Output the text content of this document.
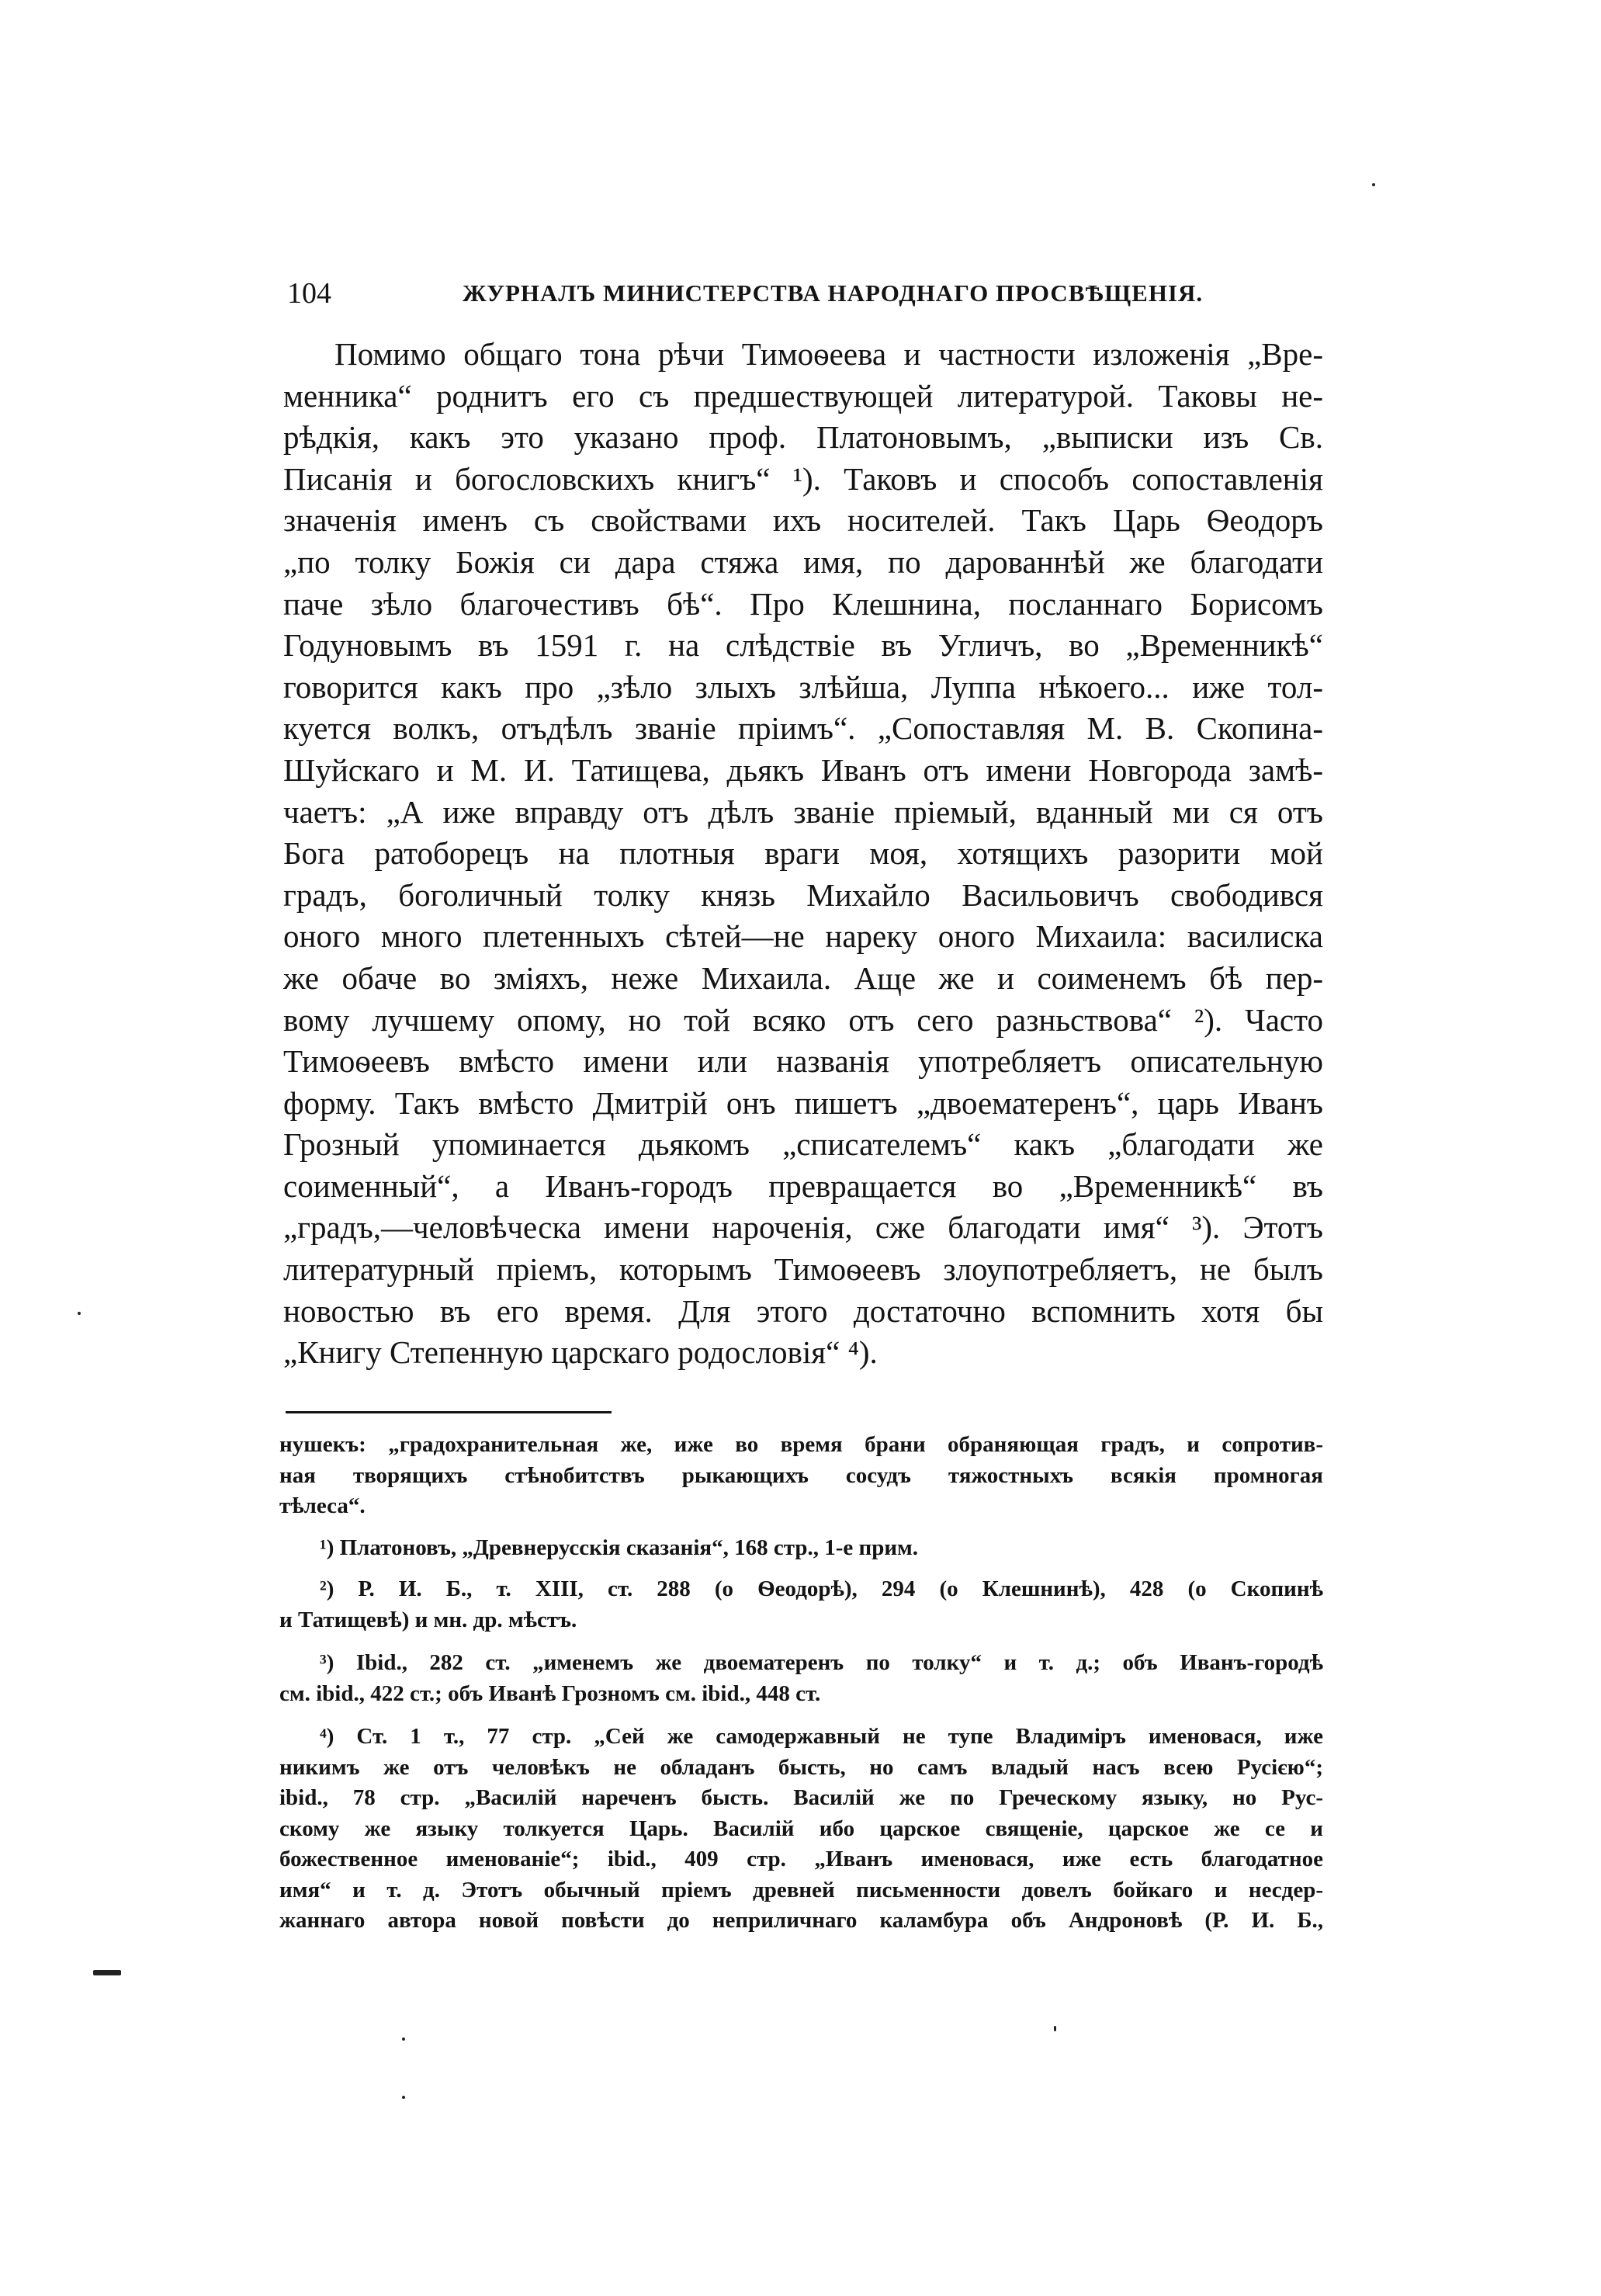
104	ЖУРНАЛЪ МИНИСТЕРСТВА НАРОДНАГО ПРОСВѢЩЕНІЯ.
Помимо общаго тона рѣчи Тимоѳеева и частности изложенія „Вре-
менника“ роднитъ его съ предшествующей литературой. Таковы не-
рѣдкія, какъ это указано проф. Платоновымъ, „выписки изъ Св.
Писанія и богословскихъ книгъ“ ¹). Таковъ и способъ сопоставленія
значенія именъ съ свойствами ихъ носителей. Такъ Царь Ѳеодоръ
„по толку Божія си дара стяжа имя, по дарованнѣй же благодати
паче зѣло благочестивъ бѣ“. Про Клешнина, посланнаго Борисомъ
Годуновымъ въ 1591 г. на слѣдствіе въ Угличъ, во „Временникѣ“
говорится какъ про „зѣло злыхъ злѣйша, Луппа нѣкоего... иже тол-
куется волкъ, отъдѣлъ званіе пріимъ“. „Сопоставляя М. В. Скопина-
Шуйскаго и М. И. Татищева, дьякъ Иванъ отъ имени Новгорода замѣ-
чаетъ: „А иже вправду отъ дѣлъ званіе пріемый, вданный ми ся отъ
Бога ратоборецъ на плотныя враги моя, хотящихъ разорити мой
градъ, боголичный толку князь Михайло Васильовичъ свободився
оного много плетенныхъ сѣтей—не нареку оного Михаила: василиска
же обаче во зміяхъ, нежe Михаила. Аще же и соименемъ бѣ пер-
вому лучшему опому, но той всяко отъ сего разньствова“ ²). Часто
Тимоѳеевъ вмѣсто имени или названія употребляетъ описательную
форму. Такъ вмѣсто Дмитрій онъ пишетъ „двоематеренъ“, царь Иванъ
Грозный упоминается дьякомъ „списателемъ“ какъ „благодати же
соименный“, а Иванъ-городъ превращается во „Временникѣ“ въ
„градъ,—человѣческа имени нароченія, сже благодати имя“ ³). Этотъ
литературный пріемъ, которымъ Тимоѳеевъ злоупотребляетъ, не былъ
новостью въ его время. Для этого достаточно вспомнить хотя бы
„Книгу Степенную царскаго родословія“ ⁴).
нушекъ: „градохранительная же, иже во время брани обраняющая градъ, и сопротив-
ная творящихъ стѣнобитствъ рыкающихъ сосудъ тяжостныхъ всякія промногая
тѣлеса“.
¹) Платоновъ, „Древнерусскія сказанія“, 168 стр., 1-е прим.
²) Р. И. Б., т. XIII, ст. 288 (о Ѳеодорѣ), 294 (о Клешнинѣ), 428 (о Скопинѣ
и Татищевѣ) и мн. др. мѣстъ.
³) Ibid., 282 ст. „именемъ же двоематеренъ по толку“ и т. д.; объ Иванъ-городѣ
см. ibid., 422 ст.; объ Иванѣ Грозномъ см. ibid., 448 ст.
⁴) Ст. 1 т., 77 стр. „Сей же самодержавный не тупе Владиміръ именовася, иже
никимъ же отъ человѣкъ не обладанъ бысть, но самъ владый насъ всею Русією“;
ibid., 78 стр. „Василій нареченъ бысть. Василій же по Греческому языку, но Рус-
скому же языку толкуется Царь. Василій ибо царское священіе, царское же се и
божественное именованіе“; ibid., 409 стр. „Иванъ именовася, иже есть благодатное
имя“ и т. д. Этотъ обычный пріемъ древней письменности довелъ бойкаго и несдер-
жаннаго автора новой повѣсти до неприличнаго каламбура объ Андроновѣ (Р. И. Б.,
